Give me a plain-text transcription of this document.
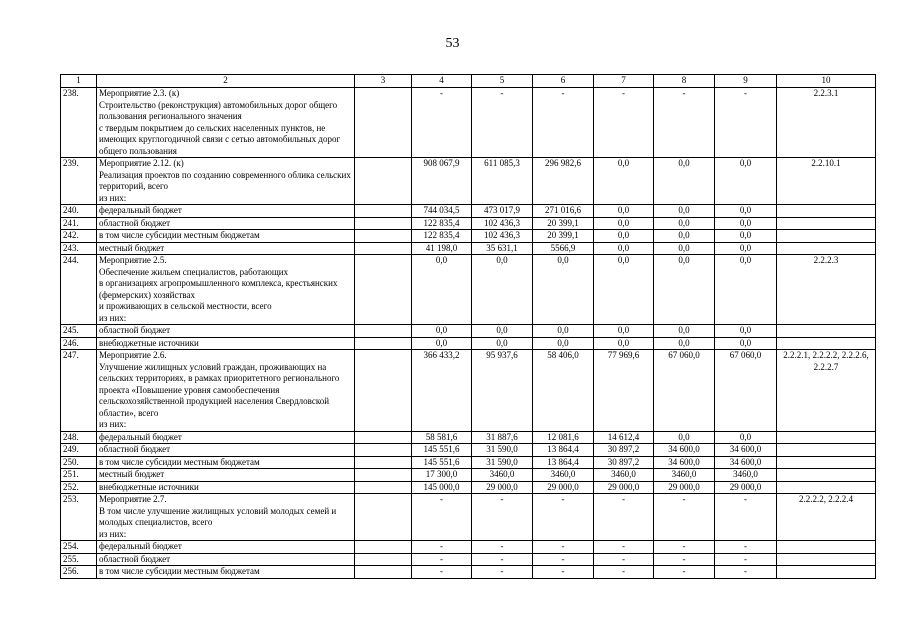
53
1	2	3	4	5	6	7	8	9	10
238.	Мероприятие 2.3. (к)
Строительство (реконструкция) автомобильных дорог общего пользования регионального значения
с твердым покрытием до сельских населенных пунктов, не имеющих круглогодичной связи с сетью автомобильных дорог общего пользования		-	-	-	-	-	-	2.2.3.1
239.	Мероприятие 2.12. (к)
Реализация проектов по созданию современного облика сельских территорий, всего
из них:		908 067,9	611 085,3	296 982,6	0,0	0,0	0,0	2.2.10.1
240.	федеральный бюджет		744 034,5	473 017,9	271 016,6	0,0	0,0	0,0	
241.	областной бюджет		122 835,4	102 436,3	20 399,1	0,0	0,0	0,0	
242.	в том числе субсидии местным бюджетам		122 835,4	102 436,3	20 399,1	0,0	0,0	0,0	
243.	местный бюджет		41 198,0	35 631,1	5566,9	0,0	0,0	0,0	
244.	Мероприятие 2.5.
Обеспечение жильем специалистов, работающих
в организациях агропромышленного комплекса, крестьянских (фермерских) хозяйствах
и проживающих в сельской местности, всего
из них:		0,0	0,0	0,0	0,0	0,0	0,0	2.2.2.3
245.	областной бюджет		0,0	0,0	0,0	0,0	0,0	0,0	
246.	внебюджетные источники		0,0	0,0	0,0	0,0	0,0	0,0	
247.	Мероприятие 2.6.
Улучшение жилищных условий граждан, проживающих на сельских территориях, в рамках приоритетного регионального проекта «Повышение уровня самообеспечения сельскохозяйственной продукцией населения Свердловской области», всего
из них:		366 433,2	95 937,6	58 406,0	77 969,6	67 060,0	67 060,0	2.2.2.1, 2.2.2.2, 2.2.2.6, 2.2.2.7
248.	федеральный бюджет		58 581,6	31 887,6	12 081,6	14 612,4	0,0	0,0	
249.	областной бюджет		145 551,6	31 590,0	13 864,4	30 897,2	34 600,0	34 600,0	
250.	в том числе субсидии местным бюджетам		145 551,6	31 590,0	13 864,4	30 897,2	34 600,0	34 600,0	
251.	местный бюджет		17 300,0	3460,0	3460,0	3460,0	3460,0	3460,0	
252.	внебюджетные источники		145 000,0	29 000,0	29 000,0	29 000,0	29 000,0	29 000,0	
253.	Мероприятие 2.7.
В том числе улучшение жилищных условий молодых семей и молодых специалистов, всего
из них:		-	-	-	-	-	-	2.2.2.2, 2.2.2.4
254.	федеральный бюджет		-	-	-	-	-	-	
255.	областной бюджет		-	-	-	-	-	-	
256.	в том числе субсидии местным бюджетам		-	-	-	-	-	-	
